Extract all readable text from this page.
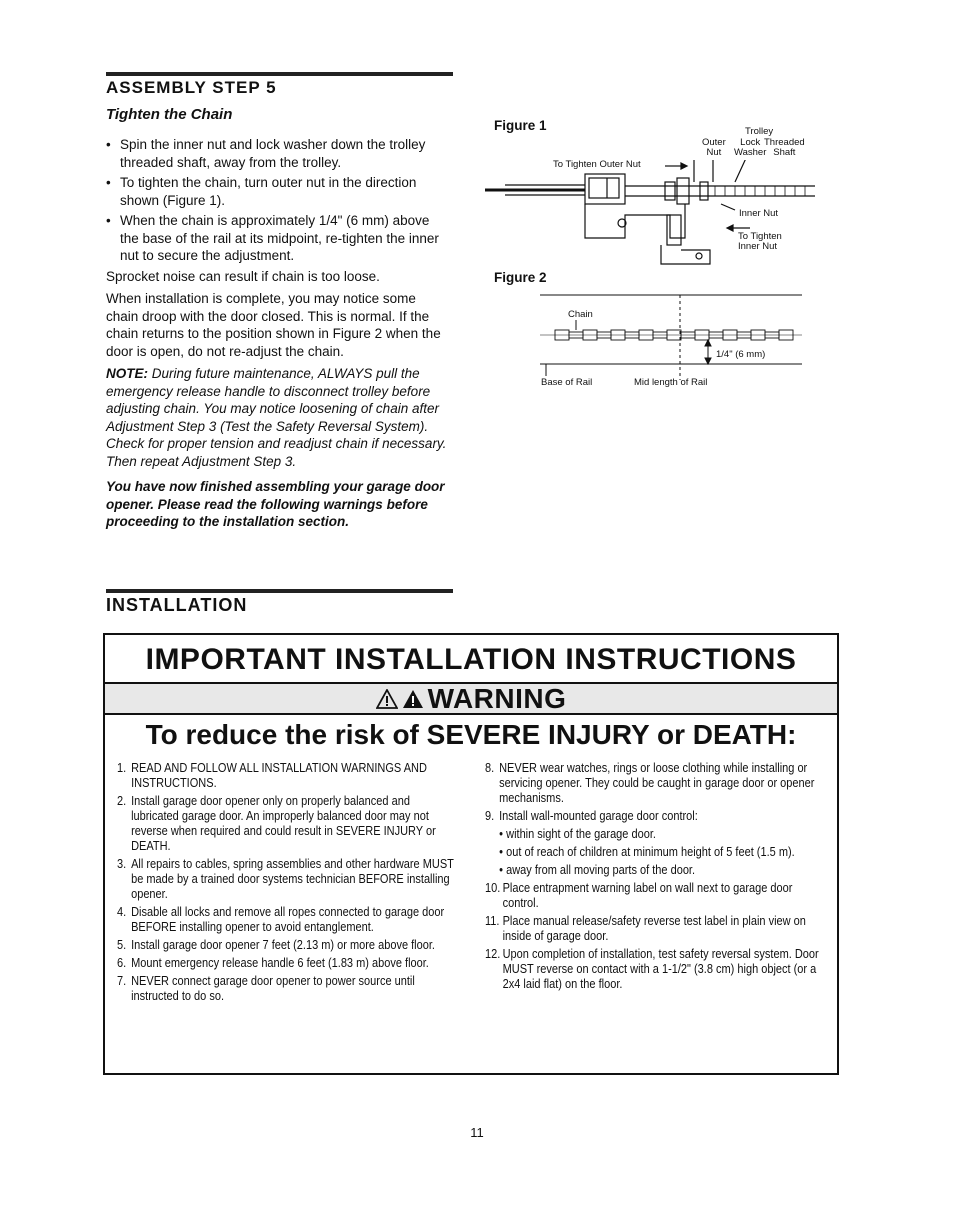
ASSEMBLY STEP 5
Tighten the Chain
• Spin the inner nut and lock washer down the trolley threaded shaft, away from the trolley.
• To tighten the chain, turn outer nut in the direction shown (Figure 1).
• When the chain is approximately 1/4" (6 mm) above the base of the rail at its midpoint, re-tighten the inner nut to secure the adjustment.

Sprocket noise can result if chain is too loose.

When installation is complete, you may notice some chain droop with the door closed. This is normal. If the chain returns to the position shown in Figure 2 when the door is open, do not re-adjust the chain.

NOTE: During future maintenance, ALWAYS pull the emergency release handle to disconnect trolley before adjusting chain. You may notice loosening of chain after Adjustment Step 3 (Test the Safety Reversal System). Check for proper tension and readjust chain if necessary. Then repeat Adjustment Step 3.

You have now finished assembling your garage door opener. Please read the following warnings before proceeding to the installation section.

Figure 1	Trolley
Outer
Nut
Lock
Washer
Threaded
Shaft
To Tighten Outer Nut
Inner Nut
To Tighten
Inner Nut
Figure 2
Chain
1/4" (6 mm)
Base of Rail	Mid length of Rail
INSTALLATION
IMPORTANT INSTALLATION INSTRUCTIONS
WARNING
To reduce the risk of SEVERE INJURY or DEATH:
1. READ AND FOLLOW ALL INSTALLATION WARNINGS AND INSTRUCTIONS.
2. Install garage door opener only on properly balanced and lubricated garage door. An improperly balanced door may not reverse when required and could result in SEVERE INJURY or DEATH.
3. All repairs to cables, spring assemblies and other hardware MUST be made by a trained door systems technician BEFORE installing opener.
4. Disable all locks and remove all ropes connected to garage door BEFORE installing opener to avoid entanglement.
5. Install garage door opener 7 feet (2.13 m) or more above floor.
6. Mount emergency release handle 6 feet (1.83 m) above floor.
7. NEVER connect garage door opener to power source until instructed to do so.
8. NEVER wear watches, rings or loose clothing while installing or servicing opener. They could be caught in garage door or opener mechanisms.
9. Install wall-mounted garage door control:
• within sight of the garage door.
• out of reach of children at minimum height of 5 feet (1.5 m).
• away from all moving parts of the door.
10. Place entrapment warning label on wall next to garage door control.
11. Place manual release/safety reverse test label in plain view on inside of garage door.
12. Upon completion of installation, test safety reversal system. Door MUST reverse on contact with a 1-1/2" (3.8 cm) high object (or a 2x4 laid flat) on the floor.
11
